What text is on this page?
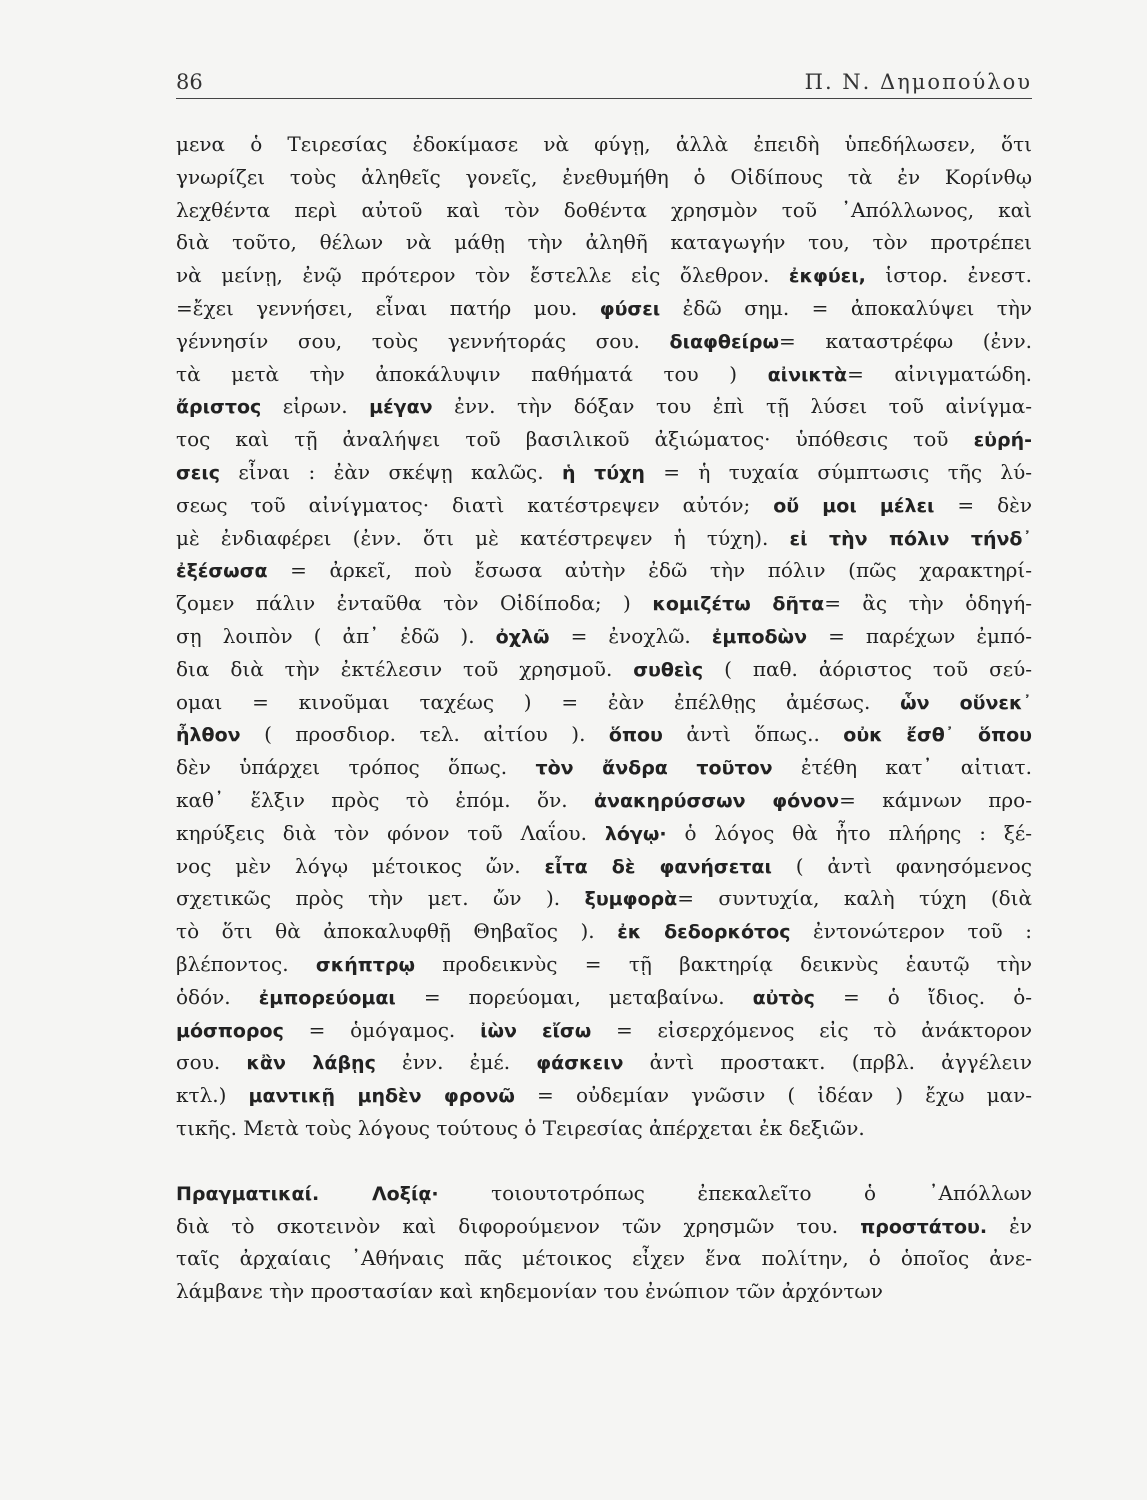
86	Π. Ν. Δημοπούλου
μενα ὁ Τειρεσίας ἐδοκίμασε νὰ φύγῃ, ἀλλὰ ἐπειδὴ ὑπεδήλωσεν, ὅτι
γνωρίζει τοὺς ἀληθεῖς γονεῖς, ἐνεθυμήθη ὁ Οἰδίπους τὰ ἐν Κορίνθῳ
λεχθέντα περὶ αὐτοῦ καὶ τὸν δοθέντα χρησμὸν τοῦ ᾿Απόλλωνος, καὶ
διὰ τοῦτο, θέλων νὰ μάθῃ τὴν ἀληθῆ καταγωγήν του, τὸν προτρέπει
νὰ μείνῃ, ἐνῷ πρότερον τὸν ἔστελλε εἰς ὄλεθρον. ἐκφύει, ἱστορ. ἐνεστ.
=ἔχει γεννήσει, εἶναι πατήρ μου. φύσει ἐδῶ σημ. = ἀποκαλύψει τὴν
γέννησίν σου, τοὺς γεννήτοράς σου. διαφθείρω= καταστρέφω (ἐνν.
τὰ μετὰ τὴν ἀποκάλυψιν παθήματά του ) αἰνικτὰ= αἰνιγματώδη.
ἄριστος εἰρων. μέγαν ἐνν. τὴν δόξαν του ἐπὶ τῇ λύσει τοῦ αἰνίγμα-
τος καὶ τῇ ἀναλήψει τοῦ βασιλικοῦ ἀξιώματος· ὑπόθεσις τοῦ εὑρή-
σεις εἶναι : ἐὰν σκέψῃ καλῶς. ἡ τύχη = ἡ τυχαία σύμπτωσις τῆς λύ-
σεως τοῦ αἰνίγματος· διατὶ κατέστρεψεν αὐτόν; οὔ μοι μέλει = δὲν
μὲ ἐνδιαφέρει (ἐνν. ὅτι μὲ κατέστρεψεν ἡ τύχη). εἰ τὴν πόλιν τήνδ᾿
ἐξέσωσα = ἀρκεῖ, ποὺ ἔσωσα αὐτὴν ἐδῶ τὴν πόλιν (πῶς χαρακτηρί-
ζομεν πάλιν ἐνταῦθα τὸν Οἰδίποδα; ) κομιζέτω δῆτα= ἂς τὴν ὁδηγή-
σῃ λοιπὸν ( ἀπ᾿ ἐδῶ ). ὀχλῶ = ἐνοχλῶ. ἐμποδὼν = παρέχων ἐμπό-
δια διὰ τὴν ἐκτέλεσιν τοῦ χρησμοῦ. συθεὶς ( παθ. ἀόριστος τοῦ σεύ-
ομαι = κινοῦμαι ταχέως ) = ἐὰν ἐπέλθῃς ἀμέσως. ὧν οὕνεκ᾿
ἦλθον ( προσδιορ. τελ. αἰτίου ). ὅπου ἀντὶ ὅπως.. οὐκ ἔσθ᾿ ὅπου
δὲν ὑπάρχει τρόπος ὅπως. τὸν ἄνδρα τοῦτον ἐτέθη κατ᾿ αἰτιατ.
καθ᾿ ἕλξιν πρὸς τὸ ἑπόμ. ὅν. ἀνακηρύσσων φόνον= κάμνων προ-
κηρύξεις διὰ τὸν φόνον τοῦ Λαΐου. λόγῳ· ὁ λόγος θὰ ἦτο πλήρης : ξέ-
νος μὲν λόγῳ μέτοικος ὤν. εἶτα δὲ φανήσεται ( ἀντὶ φανησόμενος
σχετικῶς πρὸς τὴν μετ. ὤν ). ξυμφορὰ= συντυχία, καλὴ τύχη (διὰ
τὸ ὅτι θὰ ἀποκαλυφθῇ Θηβαῖος ). ἐκ δεδορκότος ἐντονώτερον τοῦ :
βλέποντος. σκήπτρῳ προδεικνὺς = τῇ βακτηρίᾳ δεικνὺς ἑαυτῷ τὴν
ὁδόν. ἐμπορεύομαι = πορεύομαι, μεταβαίνω. αὐτὸς = ὁ ἴδιος. ὁ-
μόσπορος = ὁμόγαμος. ἰὼν εἴσω = εἰσερχόμενος εἰς τὸ ἀνάκτορον
σου. κἂν λάβῃς ἐνν. ἐμέ. φάσκειν ἀντὶ προστακτ. (πρβλ. ἀγγέλειν
κτλ.) μαντικῇ μηδὲν φρονῶ = οὐδεμίαν γνῶσιν ( ἰδέαν ) ἔχω μαν-
τικῆς. Μετὰ τοὺς λόγους τούτους ὁ Τειρεσίας ἀπέρχεται ἐκ δεξιῶν.
Πραγματικαί. Λοξίᾳ· τοιουτοτρόπως ἐπεκαλεῖτο ὁ ᾿Απόλλων
διὰ τὸ σκοτεινὸν καὶ διφορούμενον τῶν χρησμῶν του. προστάτου. ἐν
ταῖς ἀρχαίαις ᾿Αθήναις πᾶς μέτοικος εἶχεν ἕνα πολίτην, ὁ ὁποῖος ἀνε-
λάμβανε τὴν προστασίαν καὶ κηδεμονίαν του ἐνώπιον τῶν ἀρχόντων
